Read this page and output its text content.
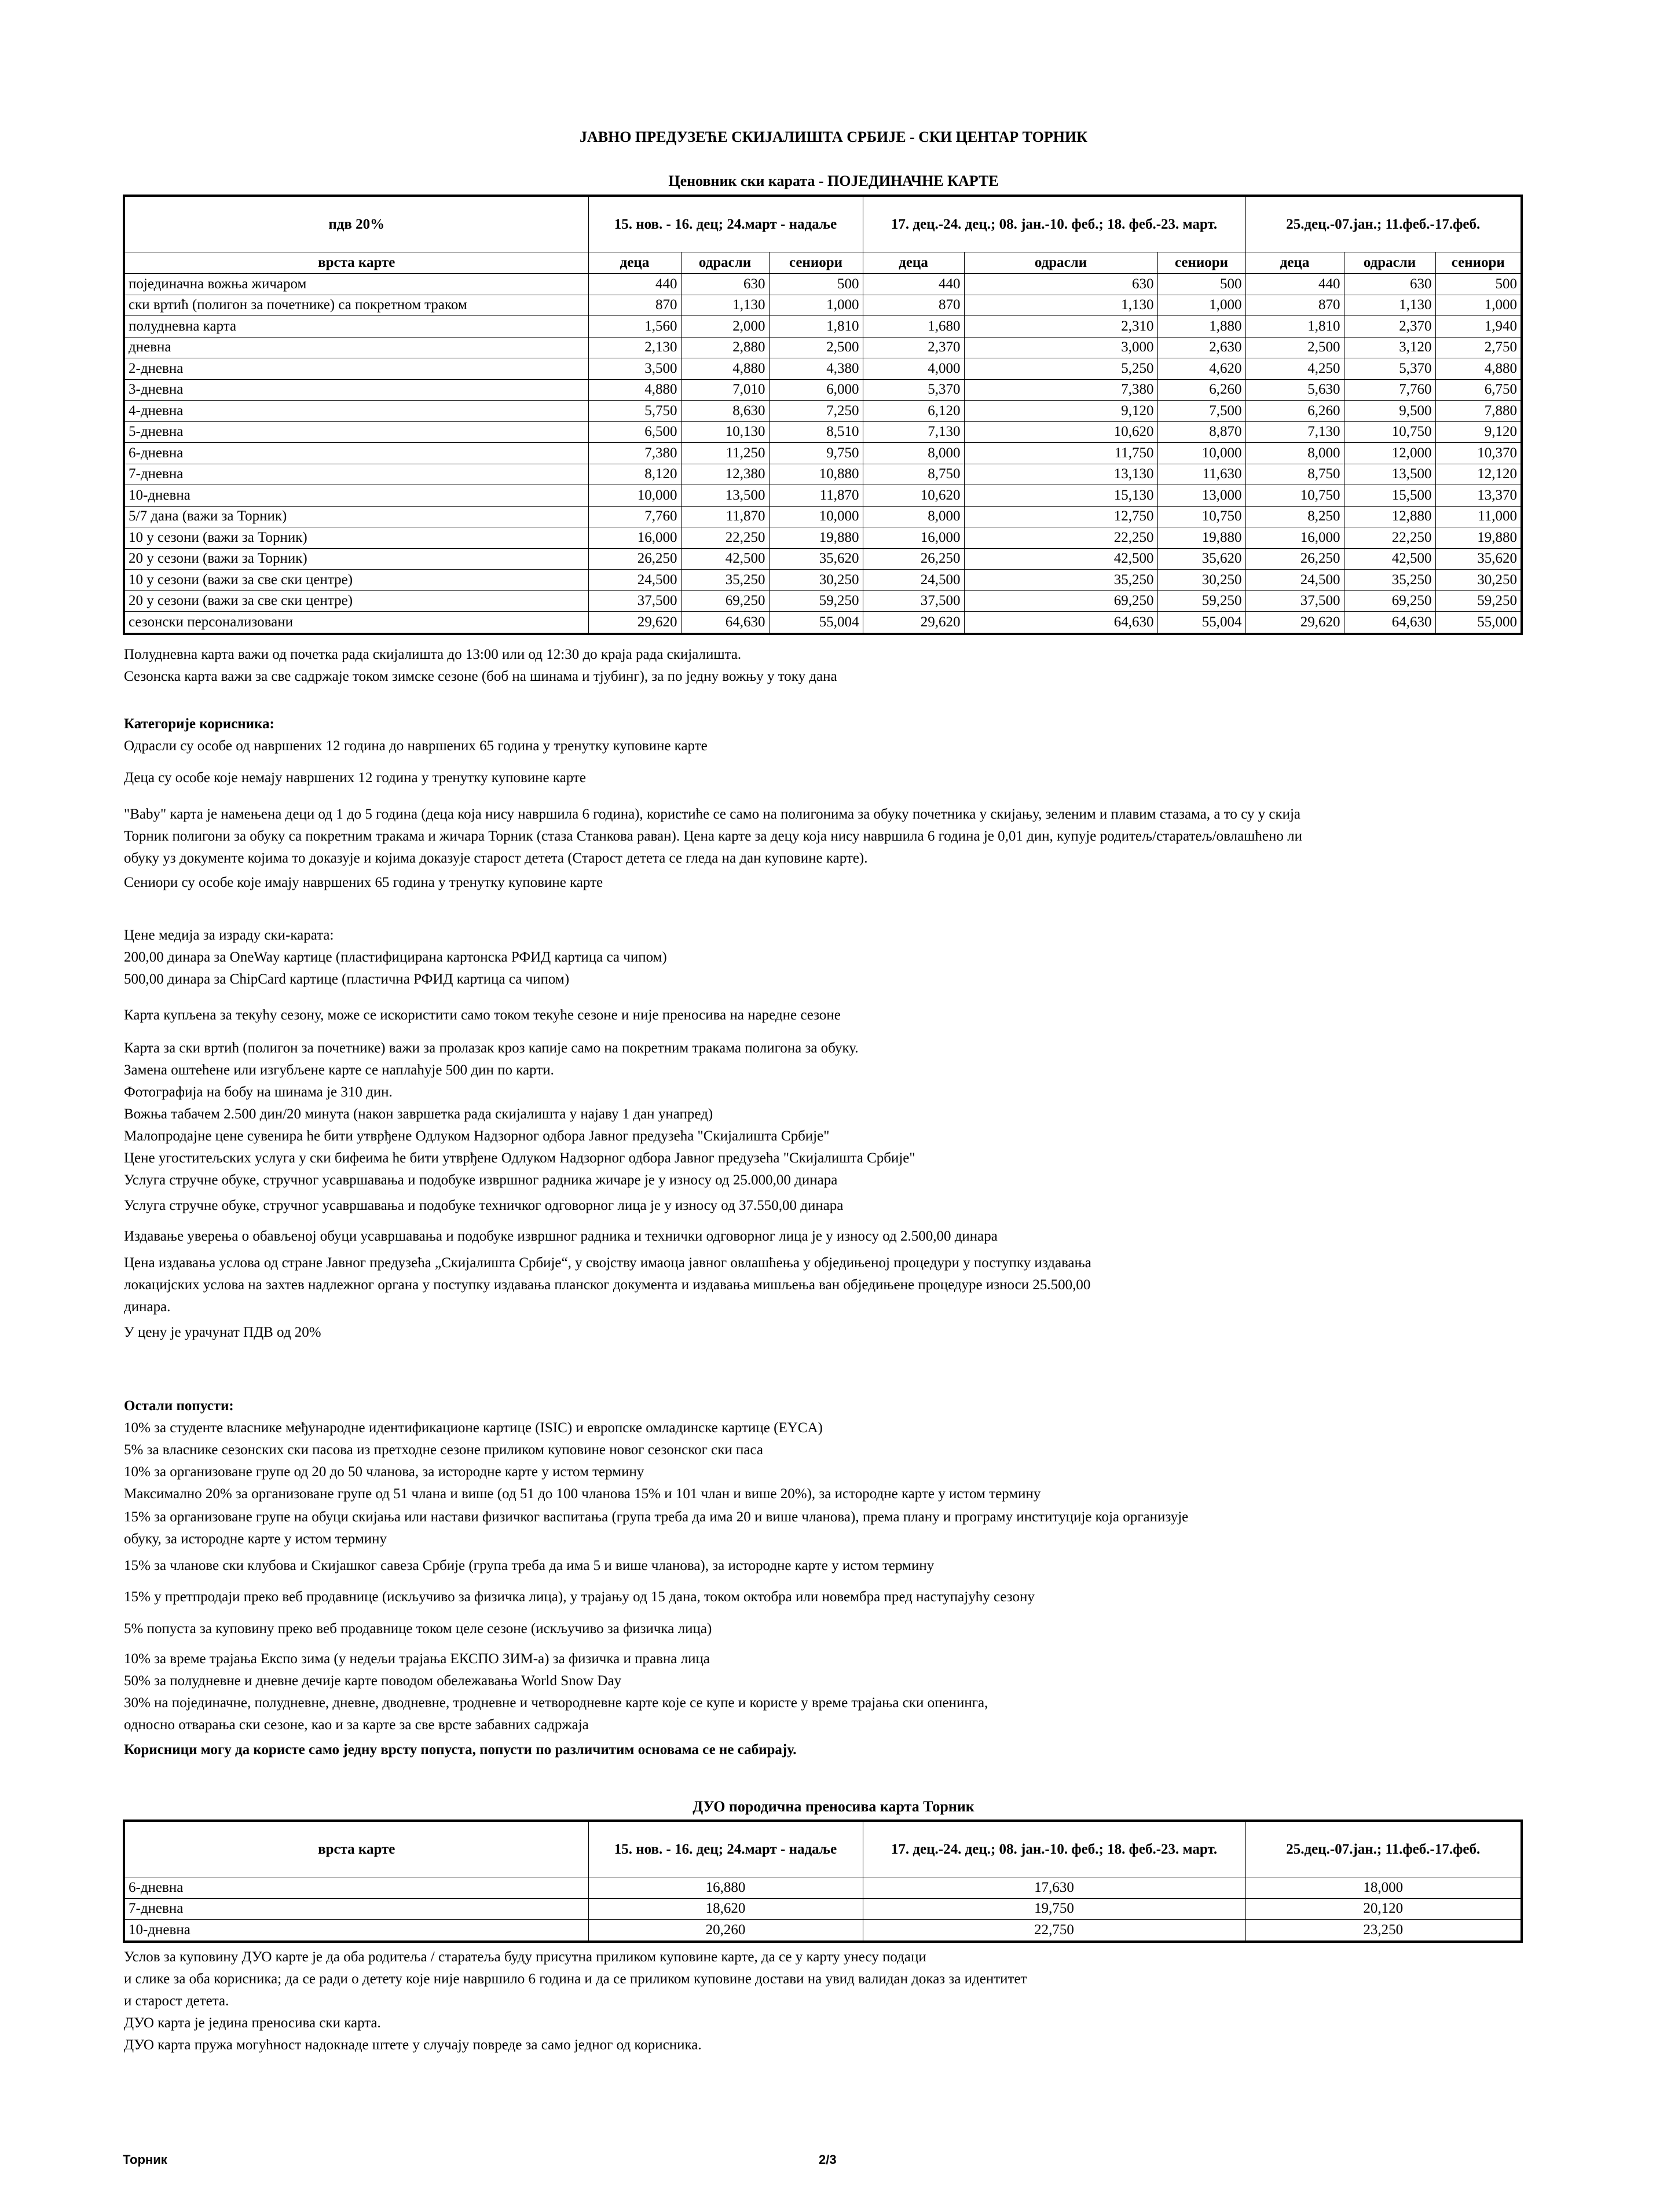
ЈАВНО ПРЕДУЗЕЋЕ СКИЈАЛИШТА СРБИЈЕ - СКИ ЦЕНТАР ТОРНИК
Ценовник ски карата - ПОЈЕДИНАЧНЕ КАРТЕ
пдв 20%	15. нов. - 16. дец; 24.март - надаље			17. дец.-24. дец.; 08. јан.-10. феб.; 18. феб.-23. март.			25.дец.-07.јан.; 11.феб.-17.феб.		
врста карте	деца	одрасли	сениори	деца	одрасли	сениори	деца	одрасли	сениори
појединачна вожња жичаром	440	630	500	440	630	500	440	630	500
ски вртић (полигон за почетнике) са покретном траком	870	1,130	1,000	870	1,130	1,000	870	1,130	1,000
полудневна карта	1,560	2,000	1,810	1,680	2,310	1,880	1,810	2,370	1,940
дневна	2,130	2,880	2,500	2,370	3,000	2,630	2,500	3,120	2,750
2-дневна	3,500	4,880	4,380	4,000	5,250	4,620	4,250	5,370	4,880
3-дневна	4,880	7,010	6,000	5,370	7,380	6,260	5,630	7,760	6,750
4-дневна	5,750	8,630	7,250	6,120	9,120	7,500	6,260	9,500	7,880
5-дневна	6,500	10,130	8,510	7,130	10,620	8,870	7,130	10,750	9,120
6-дневна	7,380	11,250	9,750	8,000	11,750	10,000	8,000	12,000	10,370
7-дневна	8,120	12,380	10,880	8,750	13,130	11,630	8,750	13,500	12,120
10-дневна	10,000	13,500	11,870	10,620	15,130	13,000	10,750	15,500	13,370
5/7 дана (важи за Торник)	7,760	11,870	10,000	8,000	12,750	10,750	8,250	12,880	11,000
10 у сезони (важи за Торник)	16,000	22,250	19,880	16,000	22,250	19,880	16,000	22,250	19,880
20 у сезони (важи за Торник)	26,250	42,500	35,620	26,250	42,500	35,620	26,250	42,500	35,620
10 у сезони (важи за све ски центре)	24,500	35,250	30,250	24,500	35,250	30,250	24,500	35,250	30,250
20 у сезони (важи за све ски центре)	37,500	69,250	59,250	37,500	69,250	59,250	37,500	69,250	59,250
сезонски персонализовани	29,620	64,630	55,004	29,620	64,630	55,004	29,620	64,630	55,000

Полудневна карта важи од почетка рада скијалишта до 13:00 или од 12:30 до краја рада скијалишта.

Сезонска карта важи за све садржаје током зимске сезоне (боб на шинама и тјубинг), за по једну вожњу у току дана

Категорије корисника:

Одрасли су особе од навршених 12 година до навршених 65 година у тренутку куповине карте

Деца су особе које немају навршених 12 година у тренутку куповине карте

"Baby" карта је намењена деци од 1 до 5 година (деца која нису навршила 6 година), користиће се само на полигонима за обуку почетника у скијању, зеленим и плавим стазама, а то су у скија

Торник полигони за обуку са покретним тракама и жичара Торник (стаза Станкова раван). Цена карте за децу која нису навршила 6 година је 0,01 дин, купује родитељ/старатељ/овлашћено ли

обуку уз документе којима то доказује и којима доказује старост детета (Старост детета се гледа на дан куповине карте).

Сениори су особе које имају навршених 65 година у тренутку куповине карте

Цене медија за израду ски-карата:

200,00 динара за OneWay картице (пластифицирана картонска РФИД картица са чипом)

500,00 динара за ChipCard картице (пластична РФИД картица са чипом)

Карта купљена за текућу сезону, може се искористити само током текуће сезоне и није преносива на наредне сезоне

Карта за ски вртић (полигон за почетнике) важи за пролазак кроз капије само на покретним тракама полигона за обуку.

Замена оштећене или изгубљене карте се наплаћује 500 дин по карти.

Фотографија на бобу на шинама је 310 дин.

Вожња табачем 2.500 дин/20 минута (након завршетка рада скијалишта у најаву 1 дан унапред)

Малопродајне цене сувенира ће бити утврђене Одлуком Надзорног одбора Јавног предузећа "Скијалишта Србије"

Цене угоститељских услуга у ски бифеима ће бити утврђене Одлуком Надзорног одбора Јавног предузећа "Скијалишта Србије"

Услуга стручне обуке, стручног усавршавања и подобуке извршног радника жичаре је у износу од 25.000,00 динара

Услуга стручне обуке, стручног усавршавања и подобуке техничког одговорног лица је у износу од 37.550,00 динара

Издавање уверења о обављеној обуци усавршавања и подобуке извршног радника и технички одговорног лица је у износу од 2.500,00 динара

Цена издавања услова од стране Јавног предузећа „Скијалишта Србије“, у својству имаоца јавног овлашћења у обједињеној процедури у поступку издавања

локацијских услова на захтев надлежног органа у поступку издавања планског документа и издавања мишљења ван обједињене процедуре износи 25.500,00

динара.

У цену је урачунат ПДВ од 20%

Остали попусти:

10% за студенте власнике међународне идентификационе картице (ISIC) и европске омладинске картице (EYCA)

5% за власнике сезонских ски пасова из претходне сезоне приликом куповине новог сезонског ски паса

10% за организоване групе од 20 до 50 чланова, за истородне карте у истом термину

Максимално 20% за организоване групе од 51 члана и више (од 51 до 100 чланова 15% и 101 члан и више 20%), за истородне карте у истом термину

15% за организоване групе на обуци скијања или настави физичког васпитања (група треба да има 20 и више чланова), према плану и програму институције која организује

обуку, за истородне карте у истом термину

15% за чланове ски клубова и Скијашког савеза Србије (група треба да има 5 и више чланова), за истородне карте у истом термину

15% у претпродаји преко веб продавнице (искључиво за физичка лица), у трајању од 15 дана, током октобра или новембра пред наступајућу сезону

5% попуста за куповину преко веб продавнице током целе сезоне (искључиво за физичка лица)

10% за време трајања Експо зима (у недељи трајања ЕКСПО ЗИМ-а) за физичка и правна лица

50% за полудневне и дневне дечије карте поводом обележавања World Snow Day

30% на појединачне, полудневне, дневне, дводневне, тродневне и четвородневне карте које се купе и користе у време трајања ски опенинга,

односно отварања ски сезоне, као и за карте за све врсте забавних садржаја

Корисници могу да користе само једну врсту попуста, попусти по различитим основама се не сабирају.

ДУО породична преносива карта Торник
врста карте	15. нов. - 16. дец; 24.март - надаље	17. дец.-24. дец.; 08. јан.-10. феб.; 18. феб.-23. март.	25.дец.-07.јан.; 11.феб.-17.феб.
6-дневна	16,880	17,630	18,000
7-дневна	18,620	19,750	20,120
10-дневна	20,260	22,750	23,250

Услов за куповину ДУО карте је да оба родитеља / старатеља буду присутна приликом куповине карте, да се у карту унесу подаци

и слике за оба корисника; да се ради о детету које није навршило 6 година и да се приликом куповине достави на увид валидан доказ за идентитет

и старост детета.

ДУО карта је једина преносива ски карта.

ДУО карта пружа могућност надокнаде штете у случају повреде за само једног од корисника.

Торник	2/3
